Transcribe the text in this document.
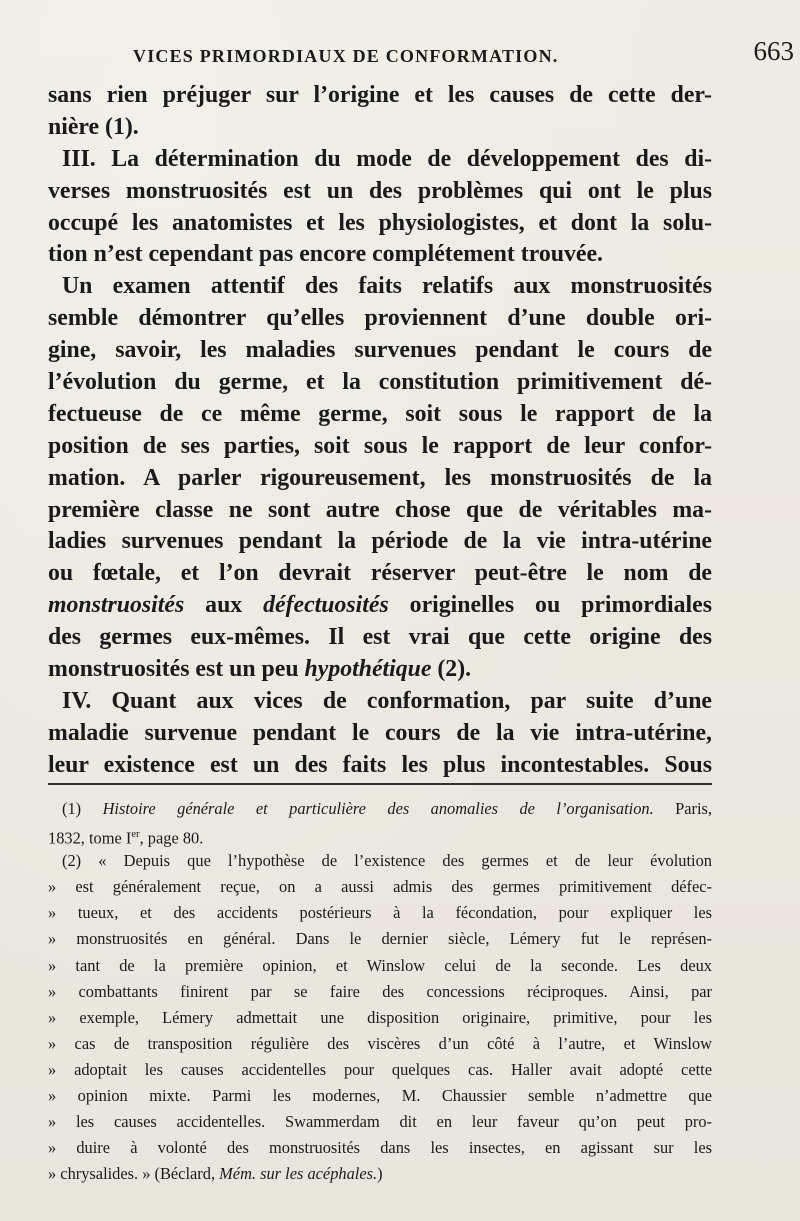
VICES PRIMORDIAUX DE CONFORMATION.	663
sans rien préjuger sur l’origine et les causes de cette der-
nière (1).
III. La détermination du mode de développement des di-
verses monstruosités est un des problèmes qui ont le plus
occupé les anatomistes et les physiologistes, et dont la solu-
tion n’est cependant pas encore complétement trouvée.
Un examen attentif des faits relatifs aux monstruosités
semble démontrer qu’elles proviennent d’une double ori-
gine, savoir, les maladies survenues pendant le cours de
l’évolution du germe, et la constitution primitivement dé-
fectueuse de ce même germe, soit sous le rapport de la
position de ses parties, soit sous le rapport de leur confor-
mation. A parler rigoureusement, les monstruosités de la
première classe ne sont autre chose que de véritables ma-
ladies survenues pendant la période de la vie intra-utérine
ou fœtale, et l’on devrait réserver peut-être le nom de
monstruosités aux défectuosités originelles ou primordiales
des germes eux-mêmes. Il est vrai que cette origine des
monstruosités est un peu hypothétique (2).
IV. Quant aux vices de conformation, par suite d’une
maladie survenue pendant le cours de la vie intra-utérine,
leur existence est un des faits les plus incontestables. Sous
(1) Histoire générale et particulière des anomalies de l’organisation. Paris,
1832, tome Ier, page 80.
(2) « Depuis que l’hypothèse de l’existence des germes et de leur évolution
» est généralement reçue, on a aussi admis des germes primitivement défec-
» tueux, et des accidents postérieurs à la fécondation, pour expliquer les
» monstruosités en général. Dans le dernier siècle, Lémery fut le représen-
» tant de la première opinion, et Winslow celui de la seconde. Les deux
» combattants finirent par se faire des concessions réciproques. Ainsi, par
» exemple, Lémery admettait une disposition originaire, primitive, pour les
» cas de transposition régulière des viscères d’un côté à l’autre, et Winslow
» adoptait les causes accidentelles pour quelques cas. Haller avait adopté cette
» opinion mixte. Parmi les modernes, M. Chaussier semble n’admettre que
» les causes accidentelles. Swammerdam dit en leur faveur qu’on peut pro-
» duire à volonté des monstruosités dans les insectes, en agissant sur les
» chrysalides. » (Béclard, Mém. sur les acéphales.)
